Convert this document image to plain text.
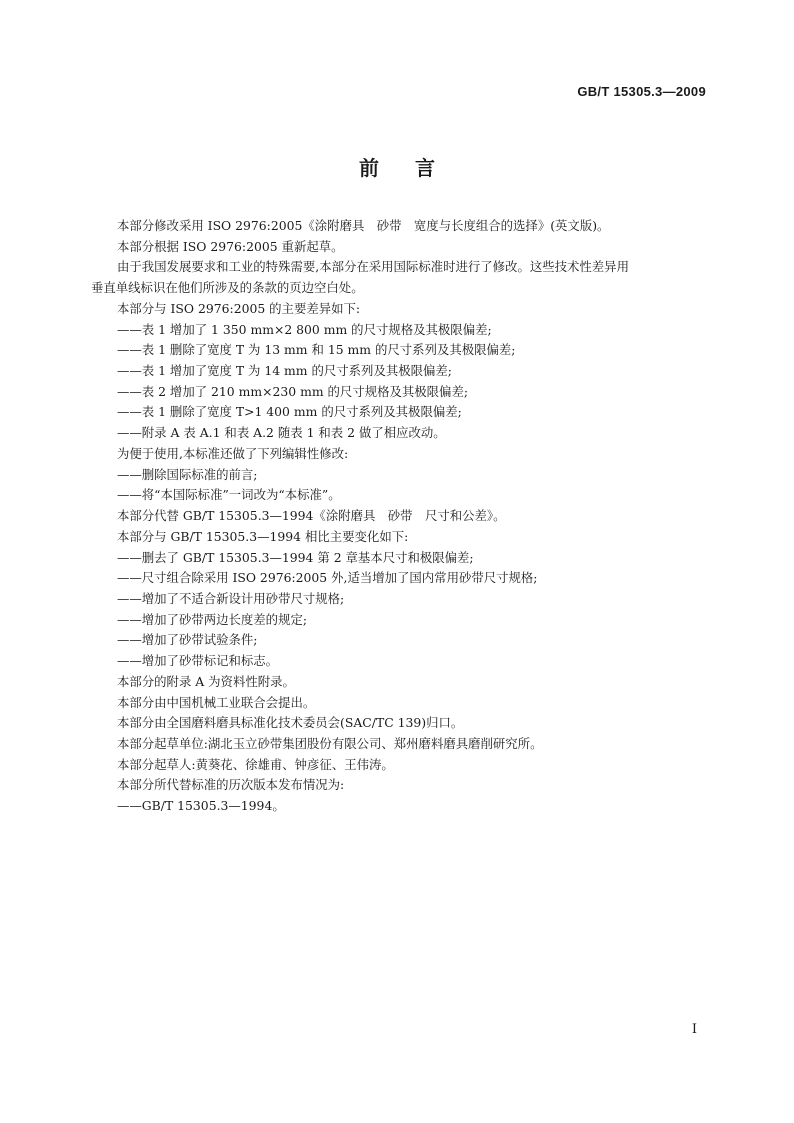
GB/T 15305.3—2009
前 言
本部分修改采用 ISO 2976:2005《涂附磨具　砂带　宽度与长度组合的选择》(英文版)。
本部分根据 ISO 2976:2005 重新起草。
由于我国发展要求和工业的特殊需要,本部分在采用国际标准时进行了修改。这些技术性差异用
垂直单线标识在他们所涉及的条款的页边空白处。
本部分与 ISO 2976:2005 的主要差异如下:
——表 1 增加了 1 350 mm×2 800 mm 的尺寸规格及其极限偏差;
——表 1 删除了宽度 T 为 13 mm 和 15 mm 的尺寸系列及其极限偏差;
——表 1 增加了宽度 T 为 14 mm 的尺寸系列及其极限偏差;
——表 2 增加了 210 mm×230 mm 的尺寸规格及其极限偏差;
——表 1 删除了宽度 T>1 400 mm 的尺寸系列及其极限偏差;
——附录 A 表 A.1 和表 A.2 随表 1 和表 2 做了相应改动。
为便于使用,本标准还做了下列编辑性修改:
——删除国际标准的前言;
——将“本国际标准”一词改为“本标准”。
本部分代替 GB/T 15305.3—1994《涂附磨具　砂带　尺寸和公差》。
本部分与 GB/T 15305.3—1994 相比主要变化如下:
——删去了 GB/T 15305.3—1994 第 2 章基本尺寸和极限偏差;
——尺寸组合除采用 ISO 2976:2005 外,适当增加了国内常用砂带尺寸规格;
——增加了不适合新设计用砂带尺寸规格;
——增加了砂带两边长度差的规定;
——增加了砂带试验条件;
——增加了砂带标记和标志。
本部分的附录 A 为资料性附录。
本部分由中国机械工业联合会提出。
本部分由全国磨料磨具标准化技术委员会(SAC/TC 139)归口。
本部分起草单位:湖北玉立砂带集团股份有限公司、郑州磨料磨具磨削研究所。
本部分起草人:黄葵花、徐雄甫、钟彦征、王伟涛。
本部分所代替标准的历次版本发布情况为:
——GB/T 15305.3—1994。
I
